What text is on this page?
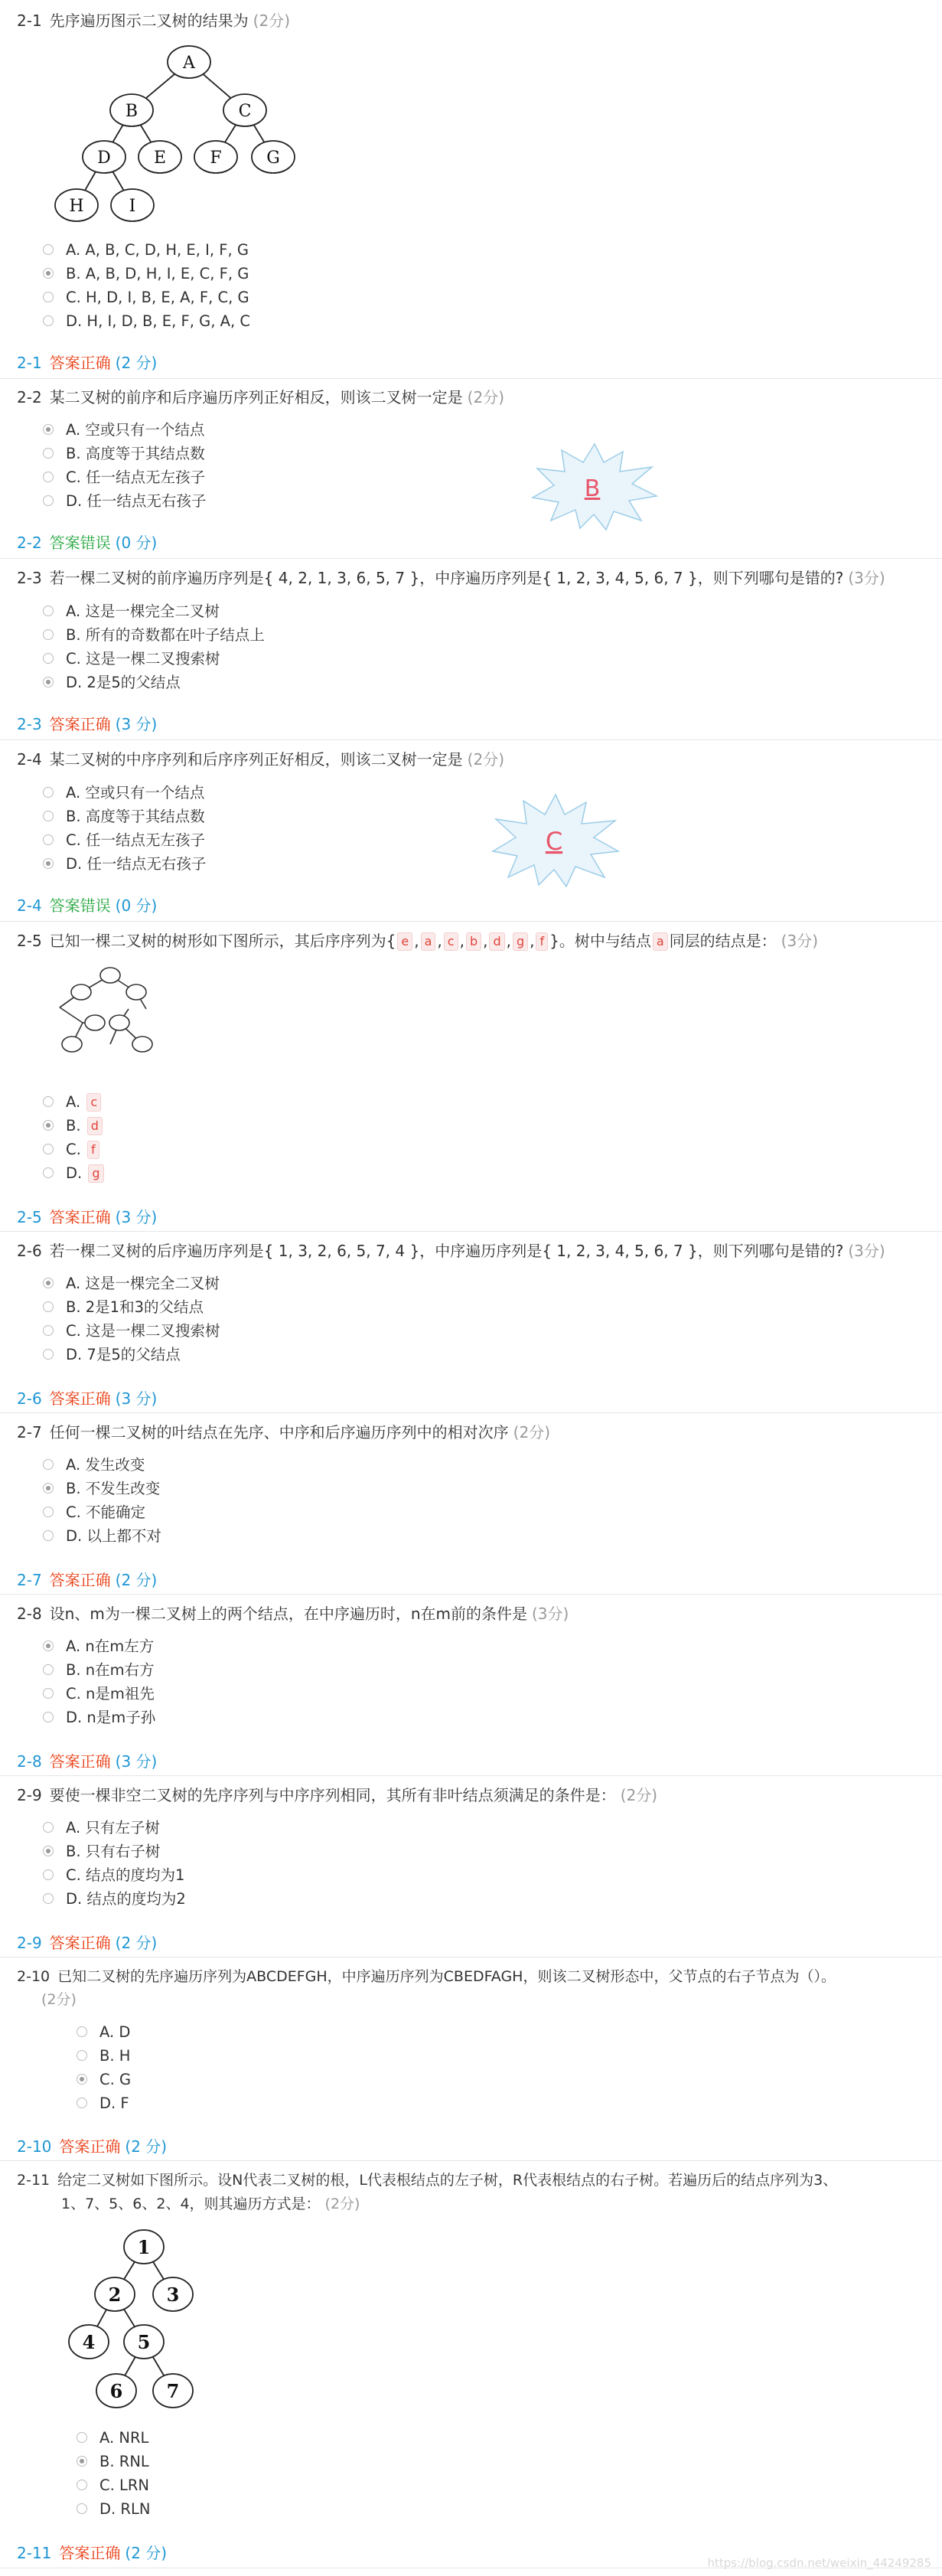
2-1 先序遍历图示二叉树的结果为 (2分)
A
B	C
D	E	F	G
H	I
A. A, B, C, D, H, E, I, F, G
B. A, B, D, H, I, E, C, F, G
C. H, D, I, B, E, A, F, C, G
D. H, I, D, B, E, F, G, A, C
2-1 答案正确 (2 分)
2-2 某二叉树的前序和后序遍历序列正好相反，则该二叉树一定是 (2分)
A. 空或只有一个结点
B. 高度等于其结点数
C. 任一结点无左孩子
D. 任一结点无右孩子	B
2-2 答案错误 (0 分)
2-3 若一棵二叉树的前序遍历序列是{ 4, 2, 1, 3, 6, 5, 7 }，中序遍历序列是{ 1, 2, 3, 4, 5, 6, 7 }，则下列哪句是错的? (3分)
A. 这是一棵完全二叉树
B. 所有的奇数都在叶子结点上
C. 这是一棵二叉搜索树
D. 2是5的父结点
2-3 答案正确 (3 分)
2-4 某二叉树的中序序列和后序序列正好相反，则该二叉树一定是 (2分)
A. 空或只有一个结点
B. 高度等于其结点数
C. 任一结点无左孩子
D. 任一结点无右孩子
C
2-4 答案错误 (0 分)
2-5 已知一棵二叉树的树形如下图所示，其后序序列为{ e , a , c , b , d , g , f }。树中与结点 a 同层的结点是： (3分)
A. c
B. d
C. f
D. g
2-5 答案正确 (3 分)
2-6 若一棵二叉树的后序遍历序列是{ 1, 3, 2, 6, 5, 7, 4 }，中序遍历序列是{ 1, 2, 3, 4, 5, 6, 7 }，则下列哪句是错的? (3分)
A. 这是一棵完全二叉树
B. 2是1和3的父结点
C. 这是一棵二叉搜索树
D. 7是5的父结点
2-6 答案正确 (3 分)
2-7 任何一棵二叉树的叶结点在先序、中序和后序遍历序列中的相对次序 (2分)
A. 发生改变
B. 不发生改变
C. 不能确定
D. 以上都不对
2-7 答案正确 (2 分)
2-8 设n、m为一棵二叉树上的两个结点，在中序遍历时，n在m前的条件是 (3分)
A. n在m左方
B. n在m右方
C. n是m祖先
D. n是m子孙
2-8 答案正确 (3 分)
2-9 要使一棵非空二叉树的先序序列与中序序列相同，其所有非叶结点须满足的条件是： (2分)
A. 只有左子树
B. 只有右子树
C. 结点的度均为1
D. 结点的度均为2
2-9 答案正确 (2 分)
2-10 已知二叉树的先序遍历序列为ABCDEFGH，中序遍历序列为CBEDFAGH，则该二叉树形态中，父节点的右子节点为（）。
(2分)
A. D
B. H
C. G
D. F
2-10 答案正确 (2 分)
2-11 给定二叉树如下图所示。设N代表二叉树的根，L代表根结点的左子树，R代表根结点的右子树。若遍历后的结点序列为3、
1、7、5、6、2、4，则其遍历方式是： (2分)
1
2 3
4 5
6 7
A. NRL
B. RNL
C. LRN
D. RLN
2-11 答案正确 (2 分)
https://blog.csdn.net/weixin_44249285
